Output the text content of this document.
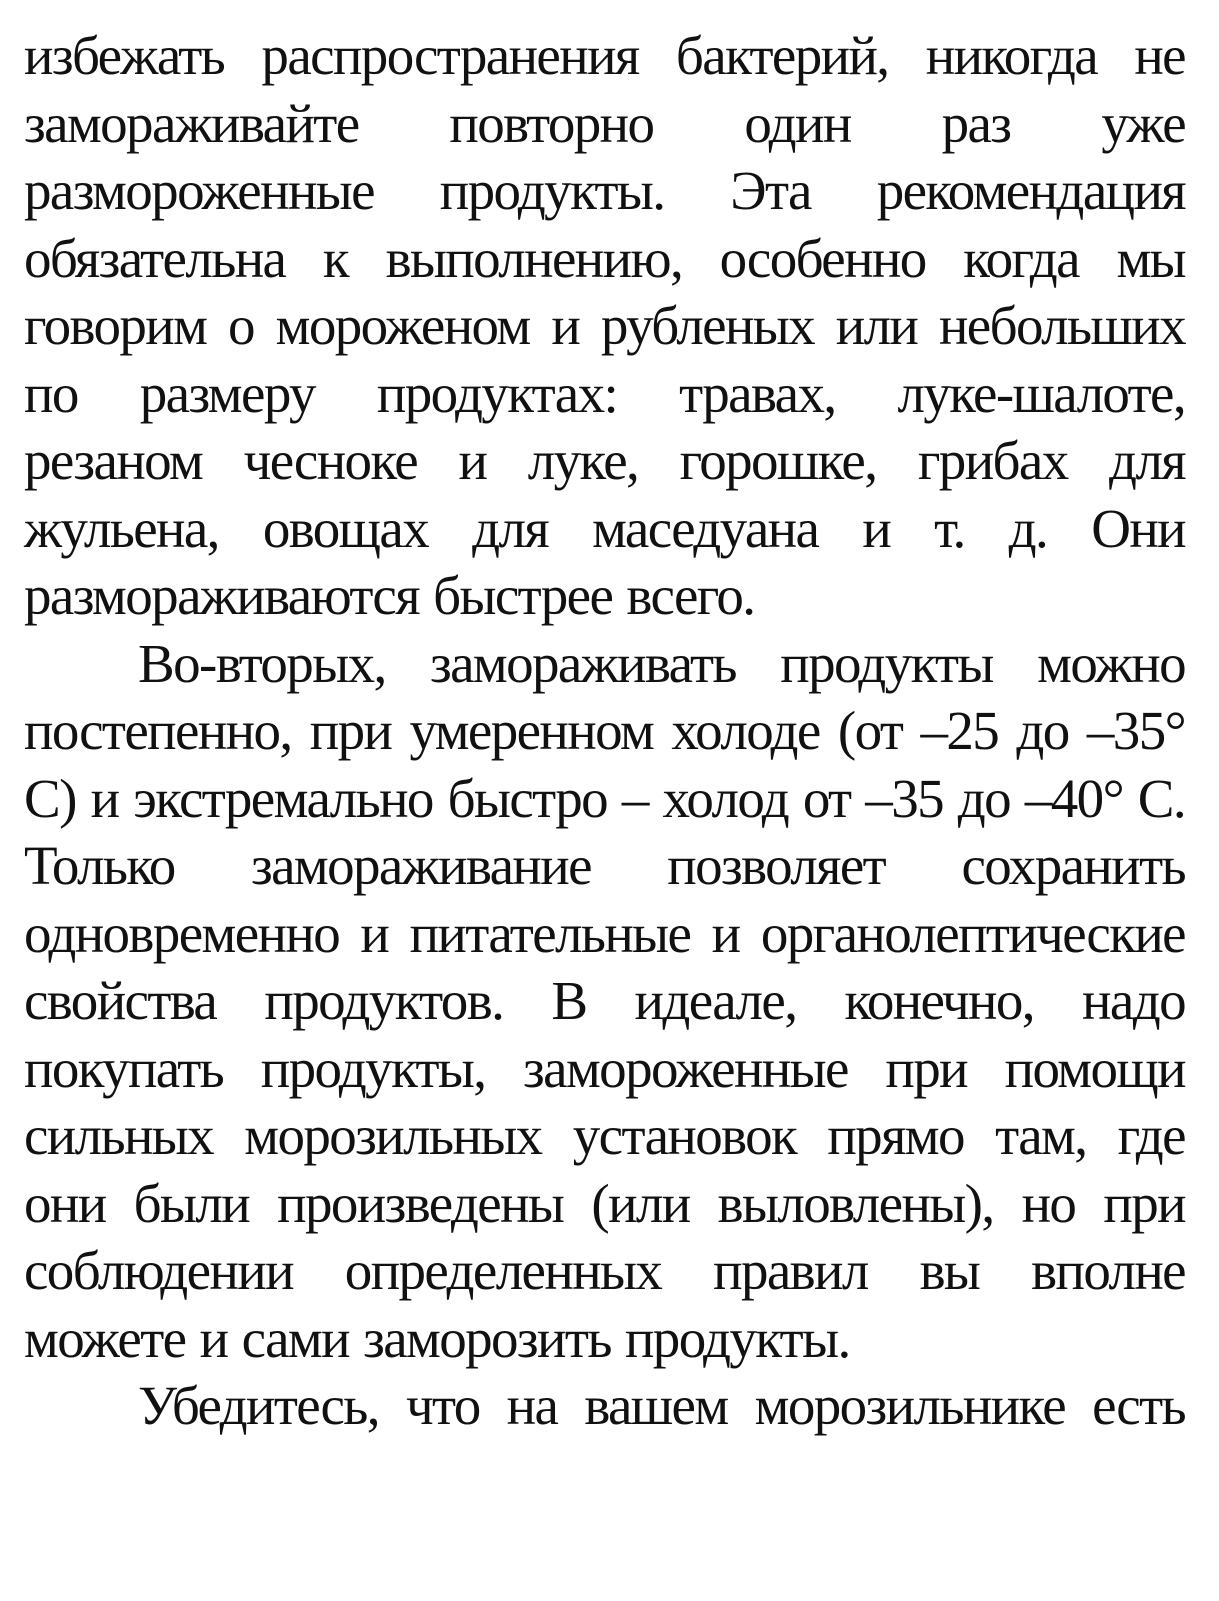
избежать распространения бактерий, никогда не замораживайте повторно один раз уже размороженные продукты. Эта рекомендация обязательна к выполнению, особенно когда мы говорим о мороженом и рубленых или небольших по размеру продуктах: травах, луке-шалоте, резаном чесноке и луке, горошке, грибах для жульена, овощах для маседуана и т. д. Они размораживаются быстрее всего.

Во-вторых, замораживать продукты можно постепенно, при умеренном холоде (от –25 до –35° С) и экстремально быстро – холод от –35 до –40° С. Только замораживание позволяет сохранить одновременно и питательные и органолептические свойства продуктов. В идеале, конечно, надо покупать продукты, замороженные при помощи сильных морозильных установок прямо там, где они были произведены (или выловлены), но при соблюдении определенных правил вы вполне можете и сами заморозить продукты.

Убедитесь, что на вашем морозильнике есть
